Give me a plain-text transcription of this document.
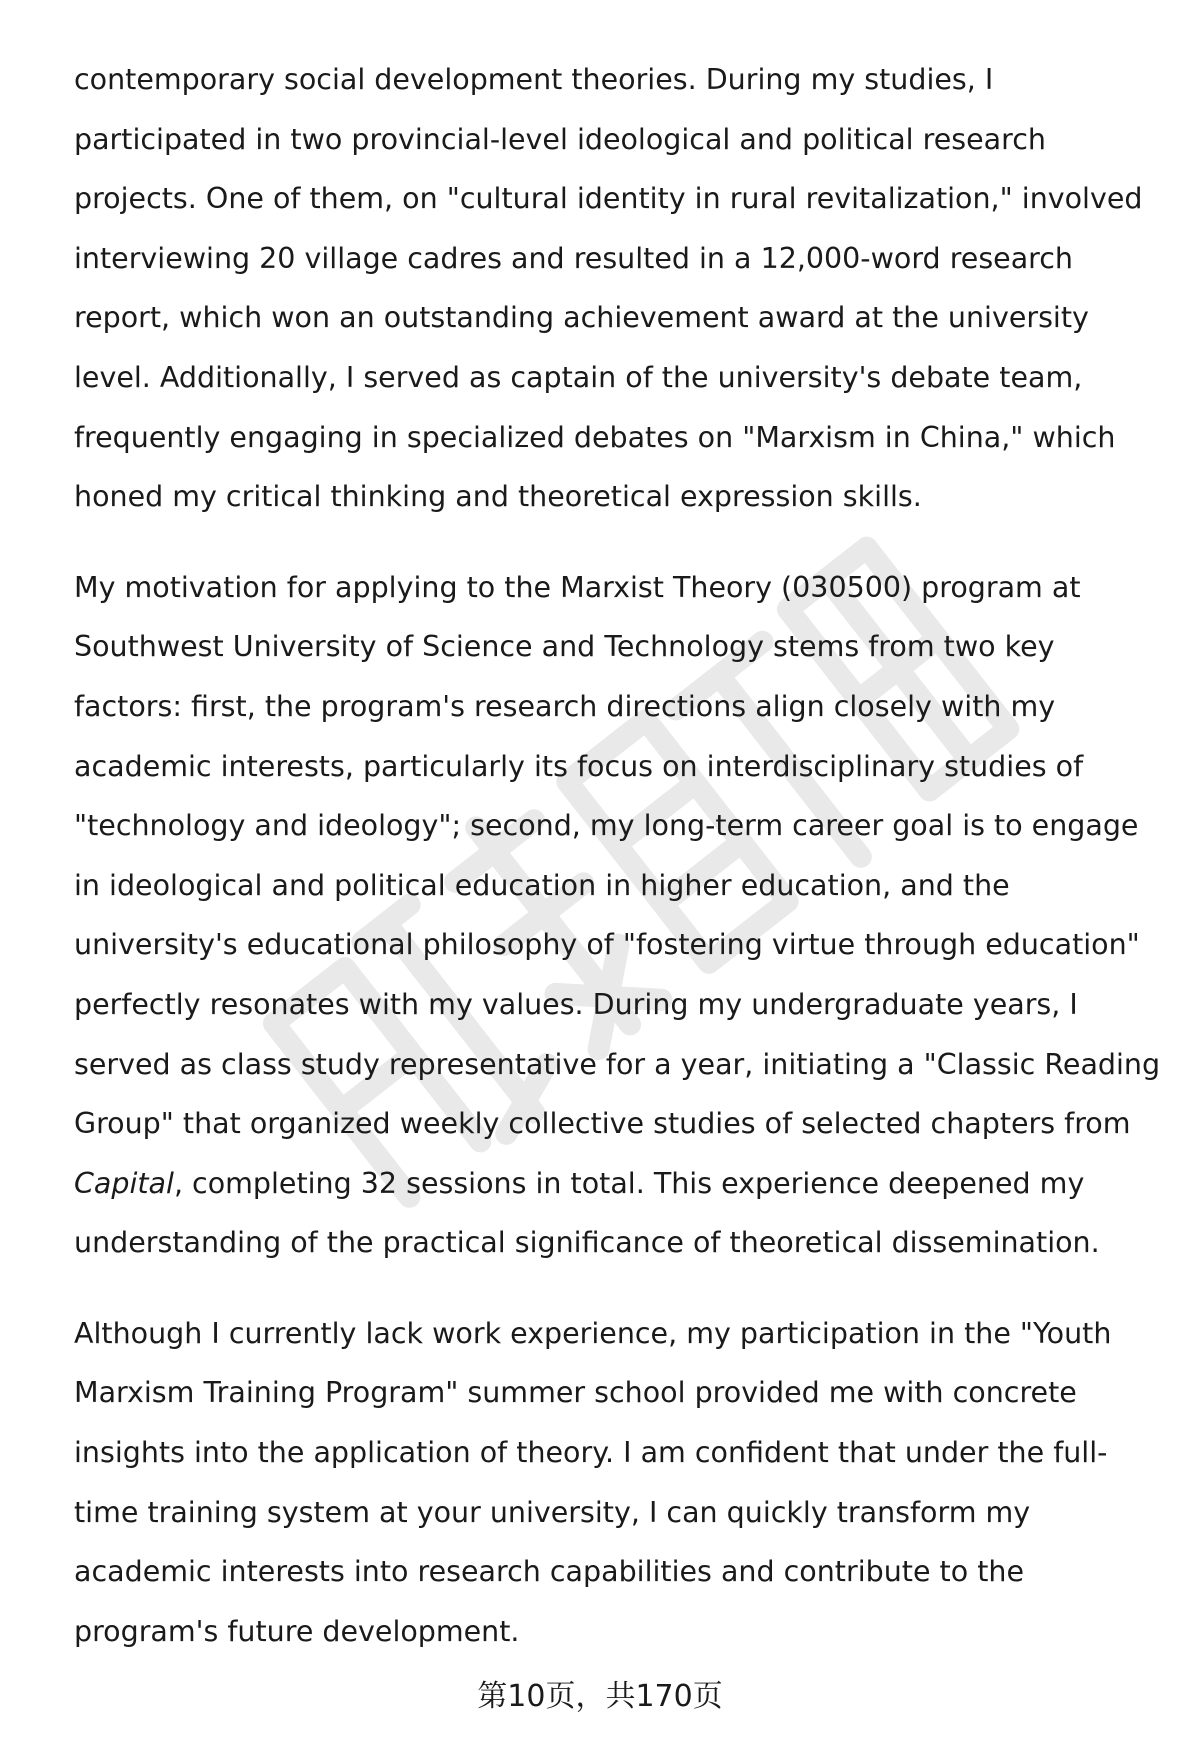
contemporary social development theories. During my studies, I participated in two provincial-level ideological and political research projects. One of them, on "cultural identity in rural revitalization," involved interviewing 20 village cadres and resulted in a 12,000-word research report, which won an outstanding achievement award at the university level. Additionally, I served as captain of the university's debate team, frequently engaging in specialized debates on "Marxism in China," which honed my critical thinking and theoretical expression skills.

My motivation for applying to the Marxist Theory (030500) program at Southwest University of Science and Technology stems from two key factors: first, the program's research directions align closely with my academic interests, particularly its focus on interdisciplinary studies of "technology and ideology"; second, my long-term career goal is to engage in ideological and political education in higher education, and the university's educational philosophy of "fostering virtue through education" perfectly resonates with my values. During my undergraduate years, I served as class study representative for a year, initiating a "Classic Reading Group" that organized weekly collective studies of selected chapters from Capital, completing 32 sessions in total. This experience deepened my understanding of the practical significance of theoretical dissemination.

Although I currently lack work experience, my participation in the "Youth Marxism Training Program" summer school provided me with concrete insights into the application of theory. I am confident that under the full-time training system at your university, I can quickly transform my academic interests into research capabilities and contribute to the program's future development.

第10页，共170页
